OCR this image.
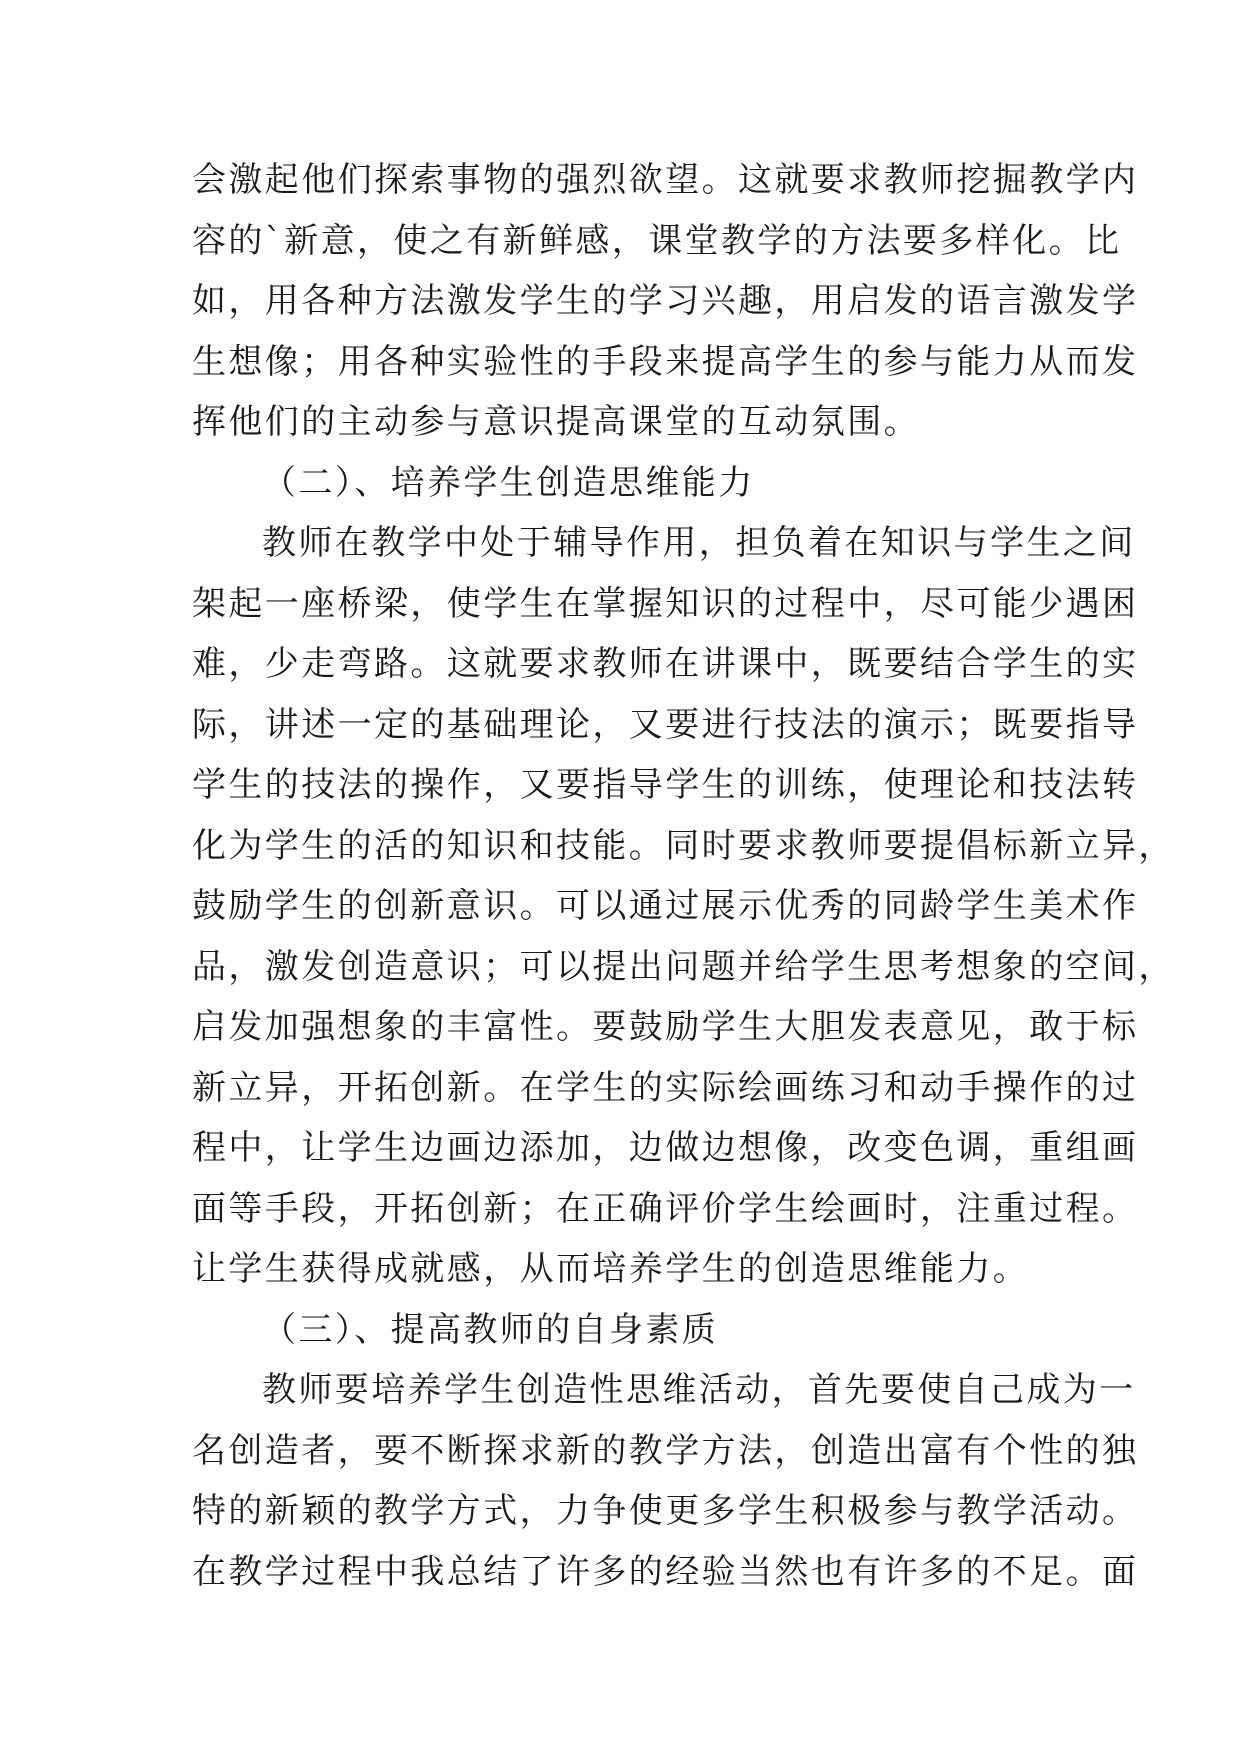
会激起他们探索事物的强烈欲望。这就要求教师挖掘教学内
容的`新意，使之有新鲜感，课堂教学的方法要多样化。比
如，用各种方法激发学生的学习兴趣，用启发的语言激发学
生想像；用各种实验性的手段来提高学生的参与能力从而发
挥他们的主动参与意识提高课堂的互动氛围。
（二）、培养学生创造思维能力
教师在教学中处于辅导作用，担负着在知识与学生之间
架起一座桥梁，使学生在掌握知识的过程中，尽可能少遇困
难，少走弯路。这就要求教师在讲课中，既要结合学生的实
际，讲述一定的基础理论，又要进行技法的演示；既要指导
学生的技法的操作，又要指导学生的训练，使理论和技法转
化为学生的活的知识和技能。同时要求教师要提倡标新立异，
鼓励学生的创新意识。可以通过展示优秀的同龄学生美术作
品，激发创造意识；可以提出问题并给学生思考想象的空间，
启发加强想象的丰富性。要鼓励学生大胆发表意见，敢于标
新立异，开拓创新。在学生的实际绘画练习和动手操作的过
程中，让学生边画边添加，边做边想像，改变色调，重组画
面等手段，开拓创新；在正确评价学生绘画时，注重过程。
让学生获得成就感，从而培养学生的创造思维能力。
（三）、提高教师的自身素质
教师要培养学生创造性思维活动，首先要使自己成为一
名创造者，要不断探求新的教学方法，创造出富有个性的独
特的新颖的教学方式，力争使更多学生积极参与教学活动。
在教学过程中我总结了许多的经验当然也有许多的不足。面
